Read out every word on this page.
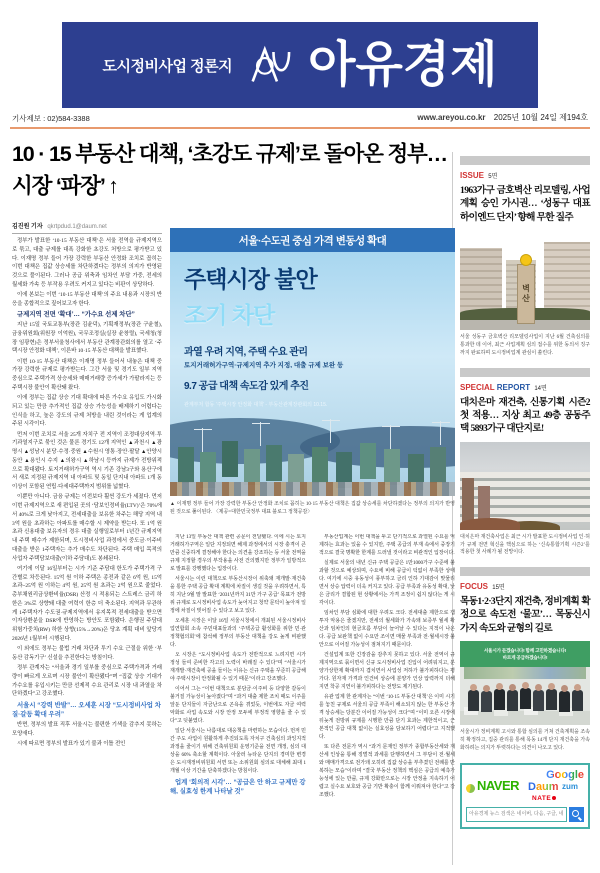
도시정비사업 정론지 아유경제
기사제보 : 02)584-3388	www.areyou.co.kr 2025년 10월 24일 제194호
10 · 15 부동산 대책, ‘초강도 규제’로 돌아온 정부… 시장 ‘파장’ ↑
김진원 기자 qkrtpdud.1@daum.net

정부가 발표한 ‘10·15 부동산 대책’은 서울 전역을 규제지역으로 묶고, 대출 규제를 대폭 강화한 초강도 처방으로 평가받고 있다. 이재명 정부 들어 가장 강력한 부동산 안정화 조치로 꼽히는 이번 대책은 집값 상승세를 차단하겠다는 정부의 의지가 반영된 것으로 풀이된다. 그러나 공급 위축과 임차인 부담 가중, 전세의 월세화 가속 등 부작용 우려도 커지고 있다는 비판이 상당하다.

이에 본보는 이번 ‘10·15 부동산 대책’의 주요 내용과 시장의 반응을 종합적으로 짚어보고자 한다.

규제지역 전면 ‘확대’… “가수요 선제 차단”

지난 15일 국토교통부(장관 김윤덕), 기획재정부(장관 구윤철), 금융위원회(위원장 이억원), 국무조정실(실장 윤창렬), 국세청(청장 임광현)은 정부서울청사에서 부동산 관계장관회의를 열고 ‘주택시장 안정화 대책’, 이른바 10·15 부동산 대책을 발표했다.

이번 10·15 부동산 대책은 이재명 정부 들어서 내놓은 대책 중 가장 강력한 규제로 평가받는다. 그간 서울 및 경기도 일부 지역 중심으로 주택가격 상승세와 매매거래량 증가세가 가팔라지는 등 주택시장 불안이 확산돼 왔다.

이에 정부는 집값 상승 기대 확대에 따른 가수요 유입도 가시화되고 있는 만큼 추가적인 집값 상승 가능성을 배제하기 어렵다는 인식을 하고, 높은 강도의 규제 처방을 내린 것이라는 게 업계의 주된 시각이다.

먼저 이번 조치로 서울 25개 자치구 전 지역이 조정대상지역·투기과열지구로 묶인 것은 물론 경기도 12개 지역인 ▲과천시 ▲광명시 ▲성남시 분당·수정·중원 ▲수원시 영통·장안·팔달 ▲안양시 동안 ▲용인시 수지 ▲의왕시 ▲하남시 등까지 규제가 전방위적으로 확대됐다. 토지거래허가구역 역시 기존 강남3구와 용산구에서 새로 지정된 규제지역 내 아파트 및 동일 단지내 아파트 1개 동 이상이 포함된 연립·다세대주택까지 범위를 넓혔다.

이뿐만 아니다. 금융 규제는 이전보다 훨씬 강도가 세졌다. 먼저 이번 규제지역으로 새 편입된 곳의 ‘담보인정비율(LTV)’은 70%에서 40%로 크게 낮아지고, 전세대출을 보유한 차주는 해당 지역 내 3억 원을 초과하는 아파트를 매수할 시 제약을 받는다. 또 1억 원 초과 신용대출 보유자의 경우 대출 실행일로부터 1년간 규제지역 내 주택 매수가 제한되며, 도시정비사업 과정에서 중도금·이주비 대출을 받은 1주택자는 추가 매수도 차단된다. 주택 매입 목적의 사업자 주택담보대출(이하 주담대)도 봉쇄된다.

여기에 이달 16일부터는 시가 기준 주담대 한도가 주택가격 구간별로 차등된다. 15억 원 이하 주택은 종전과 같은 6억 원, 15억 초과~25억 원 이하는 4억 원, 25억 원 초과는 2억 원으로 줄었다. 총부채원리금상환비율(DSR) 산정 시 적용되는 스트레스 금리 하한은 3%로 상향돼 대출 여력이 한층 더 축소된다. 지역과 무관하게 1주택자가 수도권·규제지역에서 유지목적 전세대출을 받으면 이자상환분을 DSR에 반영하는 방안도 포함됐다. 은행권 주담대 위험가중치(RW) 하한 상향(15%→20%)은 당초 계획 대비 앞당겨 2026년 1월부터 시행된다.

이 외에도 정부는 불법 거래 차단과 투기 수요 근절을 위한 ‘부동산 감독기구’ 신설을 추진한다는 방침이다.

정부 관계자는 “서울과 경기 일부를 중심으로 주택가격과 거래량이 빠르게 오르며 시장 불안이 확산됐다”며 “집값 상승 기대가 가수요를 유입시키는 만큼 선제적 수요 관리로 시장 내 과열을 차단하겠다”고 강조했다.

서울시 “강력 반발”… 오세훈 시장 “도시정비사업 차질·갈등 확대 우려”

반면, 정부의 발표 직후 서울시는 불편한 기색을 감추지 못하는 모양새다.

시에 따르면 정부의 발표가 있기 불과 이틀 전인

서울·수도권 중심 가격 변동성 확대
주택시장 불안
조기 차단
과열 우려 지역, 주택 수요 관리
토지거래허가구역·규제지역 추가 지정, 대출 규제 보완 등
9.7 공급 대책 속도감 있게 추진
관계부처 합동 ‘주택시장 안정화 대책’ - 부동산관계장관회의 10.15.
▲ 이재명 정부 들어 가장 강력한 부동산 안정화 조치로 꼽히는 10·15 부동산 대책은 집값 상승세를 차단하겠다는 정부의 의지가 반영된 것으로 풀이된다. 〈제공=대한민국정부 대표 블로그 정책공감〉

지난 13일 부동산 대책 관련 공문이 전달됐다. 이에 시는 토지거래허가구역은 일단 지정되면 해제 과정에서의 시장 충격이 큰 만큼 신중하게 결정해야 한다는 의견을 강조하는 등 서울 전역을 규제 지정할 경우의 부작용을 사전 건의했지만 정부가 일방적으로 발표를 강행했다는 입장이다.

서울시는 이런 대책으로 부동산시장이 위축돼 재개발·재건축을 통한 주택 공급 확대 계획에 차질이 생길 것을 우려하면서, 특히 지난 9월 말 발표한 ‘2031년까지 31만 가구 공급’ 목표가 전방위 규제로 도시정비사업 속도가 늦어지고 청약 문턱이 높아져 일정에 차질이 빚어질 수 있다고 보고 있다.

오세훈 시장은 이달 16일 서울시청에서 개최된 서울시정비사업연합회 소속 주민대표들과의 ‘주택공급 활성화를 위한 민·관정책협의회’에 참석해 정부의 부동산 대책을 강도 높게 비판했다.

오 시장은 “도시정비사업 속도가 전반적으로 느려지면 시가 정성 들여 준비한 각고의 노력이 바래질 수 있다”며 “서울시가 재개발·재건축에 공을 들이는 이유는 신규 주택을 꾸준히 공급해야 주택시장이 안정화될 수 있기 때문”이라고 강조했다.

이어서 그는 “이번 대책으로 분담금·이주비 등 다양한 갈등이 불거질 가능성이 높아졌다”며 “과거 대출 제한 조치 때도 이주를 앞둔 단지들이 자금난으로 곤욕을 겪었듯, 이번에도 자금 여력 악화로 사업 속도와 시장 안정 모두에 부정적 영향을 줄 수 있다”고 덧붙였다.

일단 서울시는 나름대로 대응책을 마련하는 모습이다. 먼저 민간 주도 사업이 원활하게 추진되도록 자치구 건축심의 과잉지적 과정을 줄이기 위해 건축위원회 운영기준을 전면 개정, 심의 대상을 60% 축소할 계획이다. 아울러 뉴타운 단지의 경미한 변경은 도시재정비위원회 서면 또는 소위원회 심의로 대체해 최대 1개월 이상 기간을 단축하겠다는 방침이다.

업계 ‘회의적 시각’… “공급은 안 하고 규제만 강해, 실효성 한계 나타날 것”

부동산업계는 이번 대책을 두고 단기적으로 과열된 수요를 억제하는 효과는 있을 수 있지만, 주택 공급의 부재 속에서 중장기적으로 결국 명확한 한계를 드러낼 것이라고 비관적인 입장이다.

실제로 서울의 내년 신규 주택 공급은 1만1000가구 수준에 불과할 것으로 예상되며, 수요에 비해 공급이 턱없이 부족한 상태다. 여기에 시중 유동성이 풍부하고 금리 인하 기대감이 맞물리면서 상승 압력이 더욱 커지고 있다. 공급 부족과 유동성 확대, 낮은 금리가 결합된 현 상황에서는 가격 조정이 쉽지 않다는 게 시각이다.

임차인 부담 심화에 대한 우려도 크다. 전세대출 제한으로 갭투자 악용은 줄겠지만, 전세의 월세화가 가속돼 보증부 월세 확산과 임차인의 현금흐름 부담이 늘어날 수 있다는 지적이 나온다. 공급 보완책 없이 수요만 조이면 매물 부족과 전·월세시장 불안으로 이어질 가능성이 점쳐지기 때문이다.

건설업계 또한 긴장감을 감추지 못하고 있다. 서울 전역이 규제지역으로 묶이면서 신규 도시정비사업 진입이 어려워지고, 분양가상한제 확대까지 겹치면서 사업성 저하가 불가피하다는 평가다. 원자재 가격과 인건비 상승에 분양가 인상 압력까지 더해지면 착공 지연이 불가피하다는 전망도 제기된다.

유관 업계 한 관계자는 “이번 ‘10·15 부동산 대책’은 이미 시기를 놓친 규제로 서울의 공급 부족이 해소되지 않는 한 부동산 가격 상승세는 당분간 이어질 가능성이 크다”며 “이미 오른 시장에 뒤늦게 전방위 규제를 시행한 만큼 단기 효과는 제한적이고, 근본적인 공급 대책 없이는 실효성을 담보하기 어렵다”고 지적했다.

또 다른 전문가 역시 “과거 문재인 정부가 종합부동산세와 재산세 인상을 통해 징벌적 과세를 단행하면서 그 부담이 전·월세와 매매가격으로 전가돼 오히려 집값 상승을 부추겼던 전례를 반복하는 모습”이라며 “결국 부동산 정책의 핵심은 공급의 예측가능성에 있는 만큼, 규제 강화만으로는 시장 안정을 지속하기 어렵고 실수요 보호와 공급 기반 확충이 함께 이뤄져야 한다”고 강조했다.

ISSUE 5면
1963가구 금호벽산 리모델링, 사업계획 승인 가시권… ‘성동구 대표 하이엔드 단지’ 향해 무한 질주
벽산

서울 성동구 금호벽산 리모델링사업이 지난 6월 건축심의를 통과한 데 이어, 최근 사업계획 심의 접수를 위한 동의서 징구까지 완료하며 도시정비업계 관심이 쏠린다.

SPECIAL REPORT 14면
대치은마 재건축, 신통기획 시즌2 첫 적용… 지상 최고 49층 공동주택 5893가구 대단지로!

대치은마 재건축사업은 최근 시가 발표한 도시정비사업 인·허가 규제 전면 혁신을 핵심으로 하는 ‘신속통합기획 시즌2’를 적용한 첫 사례가 될 전망이다.

FOCUS 15면
목동1·2·3단지 재건축, 정비계획 확정으로 속도전 ‘물꼬’… 목동신시가지 속도와 균형의 길로
서울시가 듣겠습니다! 함께 고민하겠습니다!
바르게 공급하겠습니다!

서울시가 정비계획 고시와 통합 심의를 거쳐 건축계획을 조속히 확정하고, 집중 관리를 통해 목동 14개 단지 재건축을 가속화하려는 의지가 뚜렷하다는 의견이 나오고 있다.

NAVER Daum
Google
zum
NATE
아유경제 뉴스 검색은 네이버, 다음, 구글, 네이트, 줌에서 …
